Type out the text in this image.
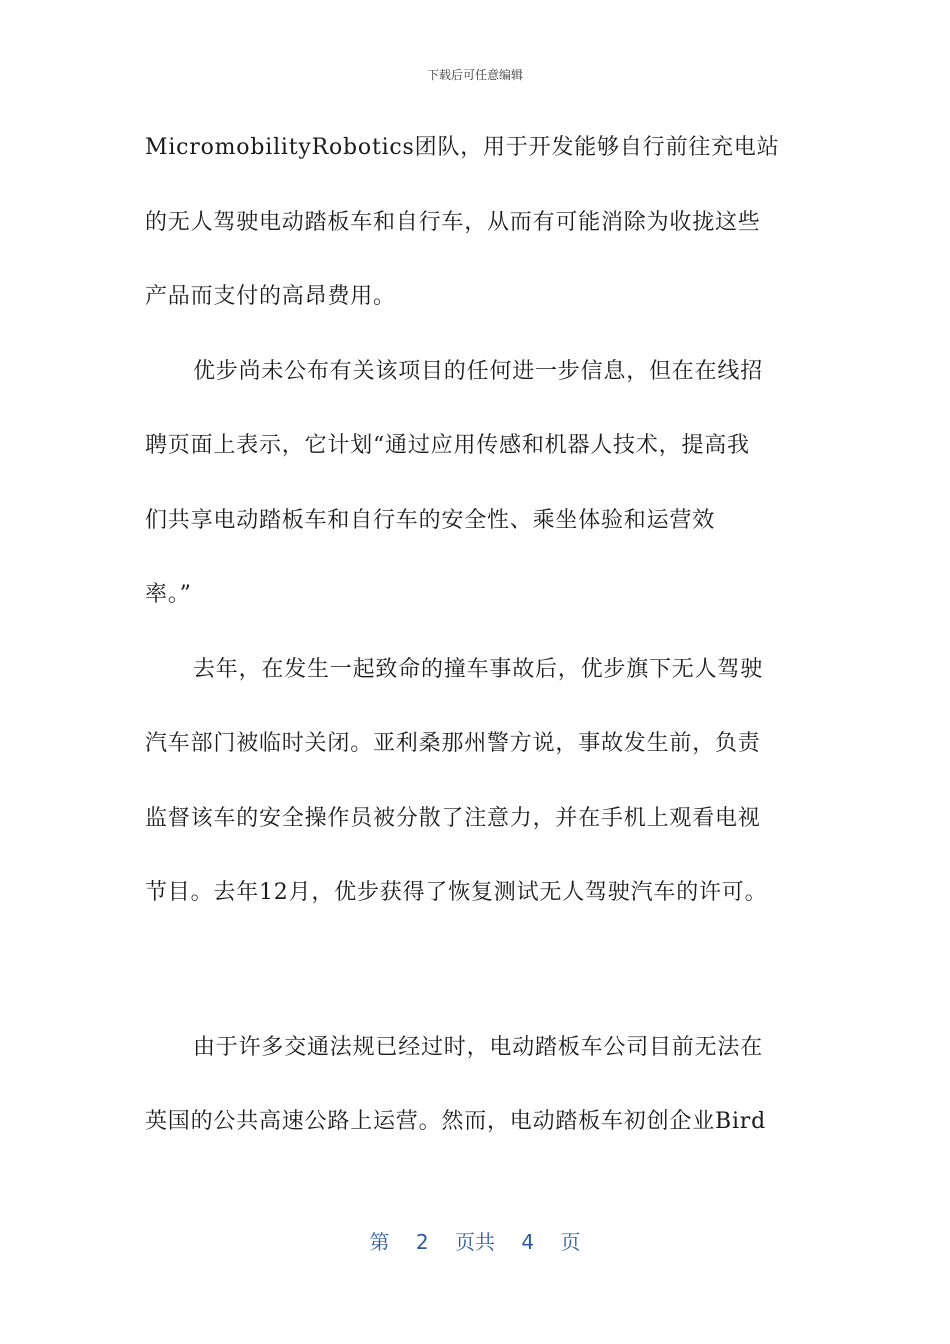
下载后可任意编辑
MicromobilityRobotics团队，用于开发能够自行前往充电站
的无人驾驶电动踏板车和自行车，从而有可能消除为收拢这些
产品而支付的高昂费用。
优步尚未公布有关该项目的任何进一步信息，但在在线招
聘页面上表示，它计划“通过应用传感和机器人技术，提高我
们共享电动踏板车和自行车的安全性、乘坐体验和运营效
率。”
去年，在发生一起致命的撞车事故后，优步旗下无人驾驶
汽车部门被临时关闭。亚利桑那州警方说，事故发生前，负责
监督该车的安全操作员被分散了注意力，并在手机上观看电视
节目。去年12月，优步获得了恢复测试无人驾驶汽车的许可。
由于许多交通法规已经过时，电动踏板车公司目前无法在
英国的公共高速公路上运营。然而，电动踏板车初创企业Bird
第 2 页共 4 页
